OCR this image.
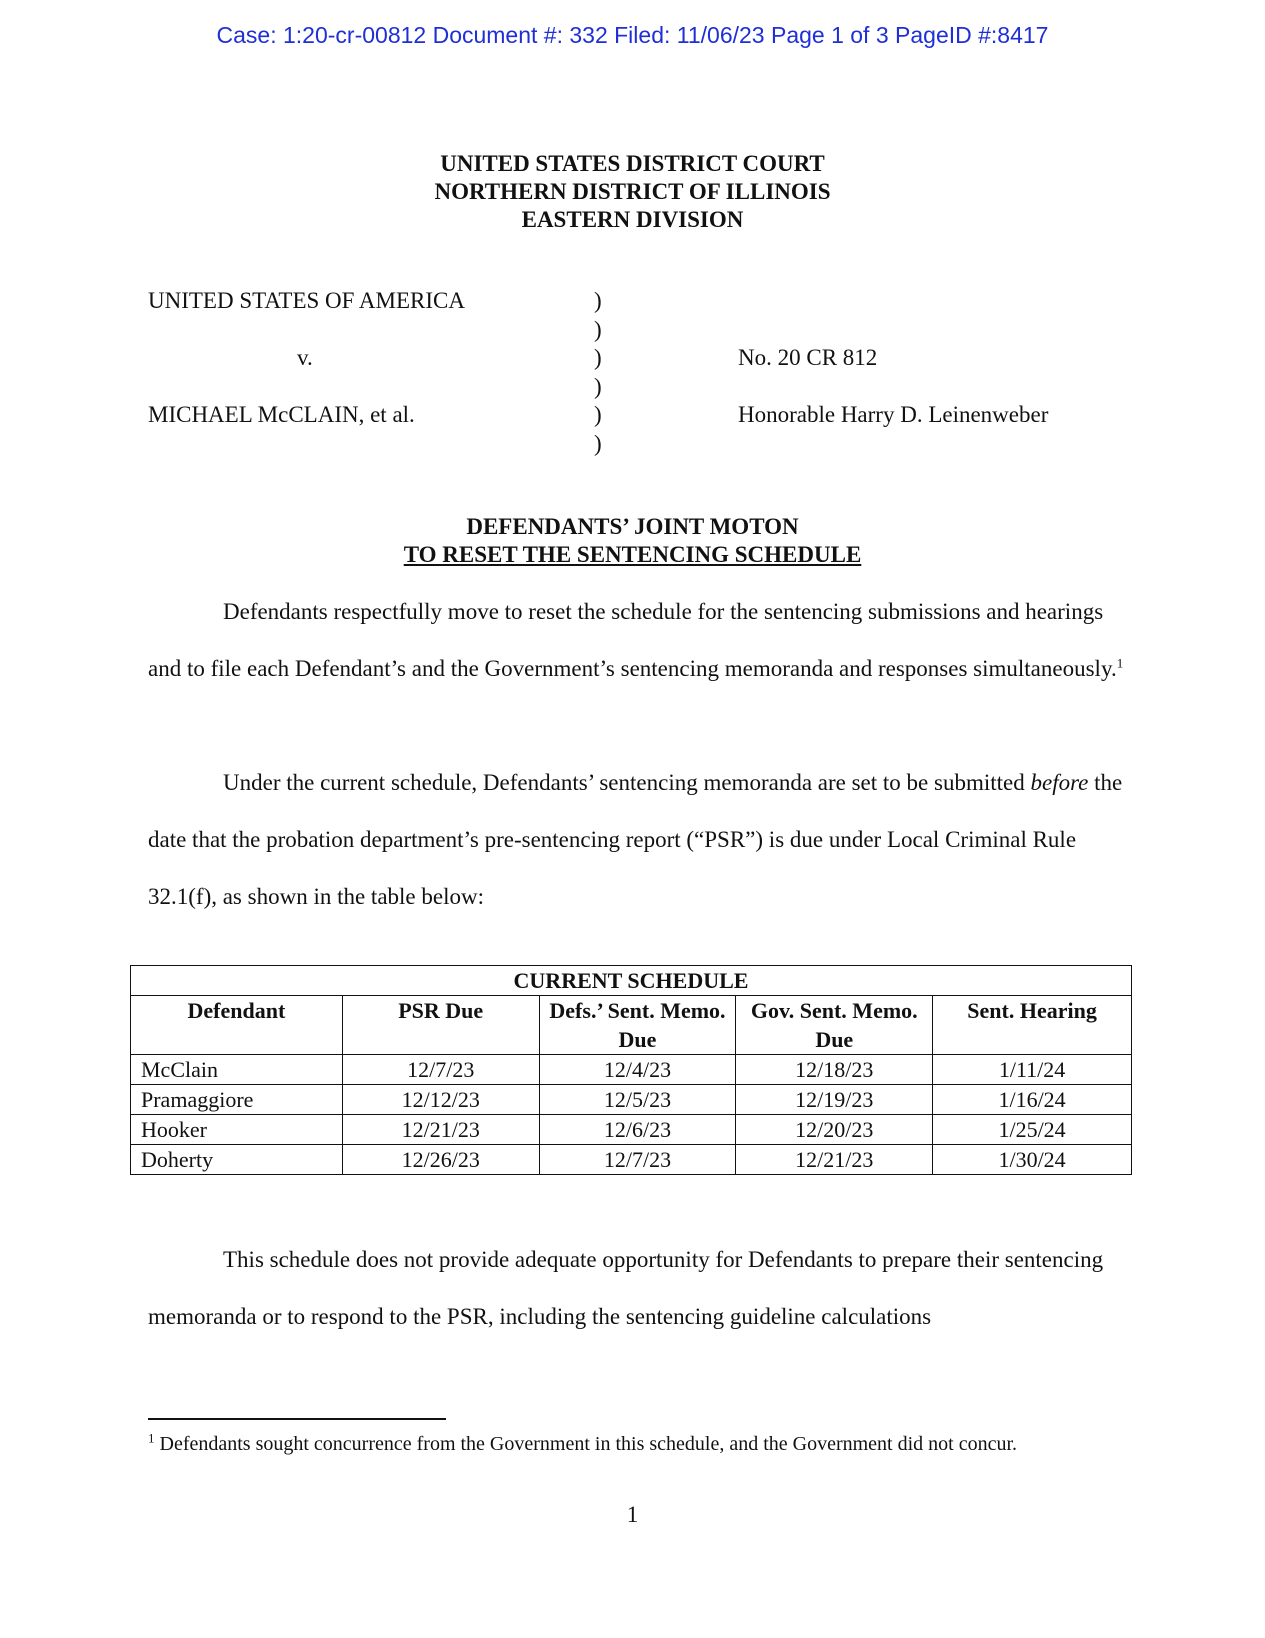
Case: 1:20-cr-00812 Document #: 332 Filed: 11/06/23 Page 1 of 3 PageID #:8417
UNITED STATES DISTRICT COURT
NORTHERN DISTRICT OF ILLINOIS
EASTERN DIVISION
UNITED STATES OF AMERICA
v.
MICHAEL McCLAIN, et al.
)
)
)
)
)
)
No. 20 CR 812
Honorable Harry D. Leinenweber
DEFENDANTS’ JOINT MOTON
TO RESET THE SENTENCING SCHEDULE
Defendants respectfully move to reset the schedule for the sentencing submissions and hearings and to file each Defendant’s and the Government’s sentencing memoranda and responses simultaneously.$^1$
Under the current schedule, Defendants’ sentencing memoranda are set to be submitted before the date that the probation department’s pre-sentencing report (“PSR”) is due under Local Criminal Rule 32.1(f), as shown in the table below:
CURRENT SCHEDULE				
Defendant	PSR Due	Defs.’ Sent. Memo. Due	Gov. Sent. Memo. Due	Sent. Hearing
McClain	12/7/23	12/4/23	12/18/23	1/11/24
Pramaggiore	12/12/23	12/5/23	12/19/23	1/16/24
Hooker	12/21/23	12/6/23	12/20/23	1/25/24
Doherty	12/26/23	12/7/23	12/21/23	1/30/24
This schedule does not provide adequate opportunity for Defendants to prepare their sentencing memoranda or to respond to the PSR, including the sentencing guideline calculations
$^1$ Defendants sought concurrence from the Government in this schedule, and the Government did not concur.
1
